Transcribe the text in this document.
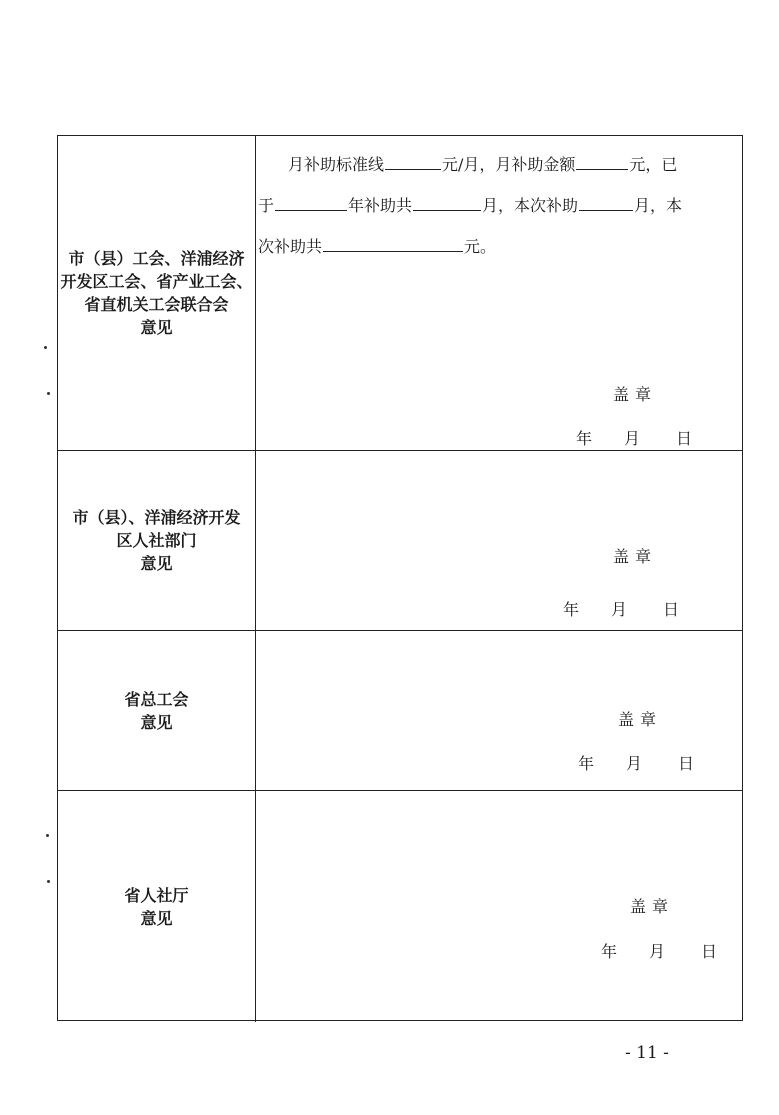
市（县）工会、洋浦经济
开发区工会、省产业工会、
省直机关工会联合会
意见
月补助标准线	元/月，月补助金额	元，已
于	年补助共	月，本次补助	月，本
次补助共	元。
盖章
年 月 日
市（县）、洋浦经济开发
区人社部门
意见	盖章
年 月 日
省总工会
意见	盖章
年 月 日
省人社厅
意见
盖章
年 月 日
- 11 -
